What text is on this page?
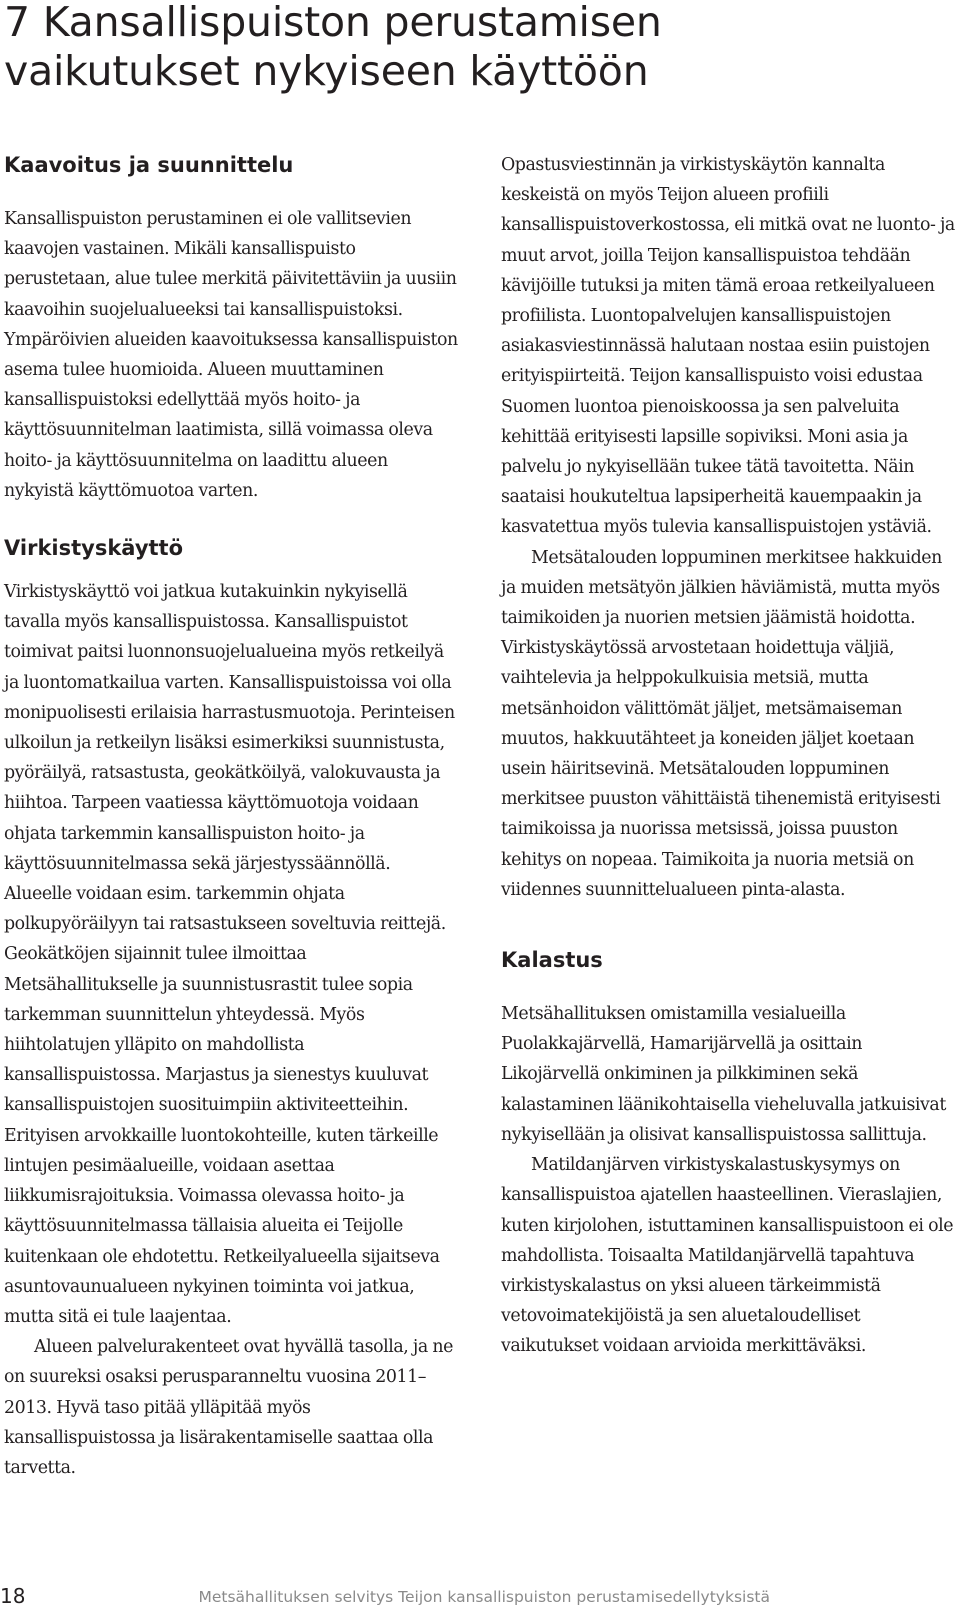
7 Kansallispuiston perustamisen
vaikutukset nykyiseen käyttöön
Kaavoitus ja suunnittelu

Kansallispuiston perustaminen ei ole vallitsevien kaavojen vastainen. Mikäli kansallispuisto perustetaan, alue tulee merkitä päivitettäviin ja uusiin kaavoihin suojelualueeksi tai kansallispuistoksi. Ympäröivien alueiden kaavoituksessa kansallispuiston asema tulee huomioida. Alueen muuttaminen kansallispuistoksi edellyttää myös hoito- ja käyttösuunnitelman laatimista, sillä voimassa oleva hoito- ja käyttösuunnitelma on laadittu alueen nykyistä käyttömuotoa varten.

Virkistyskäyttö

Virkistyskäyttö voi jatkua kutakuinkin nykyisellä tavalla myös kansallispuistossa. Kansallispuistot toimivat paitsi luonnonsuojelualueina myös retkeilyä ja luontomatkailua varten. Kansallispuistoissa voi olla monipuolisesti erilaisia harrastusmuotoja. Perinteisen ulkoilun ja retkeilyn lisäksi esimerkiksi suunnistusta, pyöräilyä, ratsastusta, geokätköilyä, valokuvausta ja hiihtoa. Tarpeen vaatiessa käyttömuotoja voidaan ohjata tarkemmin kansallispuiston hoito- ja käyttösuunnitelmassa sekä järjestyssäännöllä. Alueelle voidaan esim. tarkemmin ohjata polkupyöräilyyn tai ratsastukseen soveltuvia reittejä. Geokätköjen sijainnit tulee ilmoittaa Metsähallitukselle ja suunnistusrastit tulee sopia tarkemman suunnittelun yhteydessä. Myös hiihtolatujen ylläpito on mahdollista kansallispuistossa. Marjastus ja sienestys kuuluvat kansallispuistojen suosituimpiin aktiviteetteihin. Erityisen arvokkaille luontokohteille, kuten tärkeille lintujen pesimäalueille, voidaan asettaa liikkumisrajoituksia. Voimassa olevassa hoito- ja käyttösuunnitelmassa tällaisia alueita ei Teijolle kuitenkaan ole ehdotettu. Retkeilyalueella sijaitseva asuntovaunualueen nykyinen toiminta voi jatkua, mutta sitä ei tule laajentaa.

Alueen palvelurakenteet ovat hyvällä tasolla, ja ne on suureksi osaksi perusparanneltu vuosina 2011–2013. Hyvä taso pitää ylläpitää myös kansallispuistossa ja lisärakentamiselle saattaa olla tarvetta.

Opastusviestinnän ja virkistyskäytön kannalta keskeistä on myös Teijon alueen profiili kansallispuistoverkostossa, eli mitkä ovat ne luonto- ja muut arvot, joilla Teijon kansallispuistoa tehdään kävijöille tutuksi ja miten tämä eroaa retkeilyalueen profiilista. Luontopalvelujen kansallispuistojen asiakasviestinnässä halutaan nostaa esiin puistojen erityispiirteitä. Teijon kansallispuisto voisi edustaa Suomen luontoa pienoiskoossa ja sen palveluita kehittää erityisesti lapsille sopiviksi. Moni asia ja palvelu jo nykyisellään tukee tätä tavoitetta. Näin saataisi houkuteltua lapsiperheitä kauempaakin ja kasvatettua myös tulevia kansallispuistojen ystäviä.

Metsätalouden loppuminen merkitsee hakkuiden ja muiden metsätyön jälkien häviämistä, mutta myös taimikoiden ja nuorien metsien jäämistä hoidotta. Virkistyskäytössä arvostetaan hoidettuja väljiä, vaihtelevia ja helppokulkuisia metsiä, mutta metsänhoidon välittömät jäljet, metsämaiseman muutos, hakkuutähteet ja koneiden jäljet koetaan usein häiritsevinä. Metsätalouden loppuminen merkitsee puuston vähittäistä tihenemistä erityisesti taimikoissa ja nuorissa metsissä, joissa puuston kehitys on nopeaa. Taimikoita ja nuoria metsiä on viidennes suunnittelualueen pinta-alasta.

Kalastus

Metsähallituksen omistamilla vesialueilla Puolakkajärvellä, Hamarijärvellä ja osittain Likojärvellä onkiminen ja pilkkiminen sekä kalastaminen läänikohtaisella vieheluvalla jatkuisivat nykyisellään ja olisivat kansallispuistossa sallittuja.

Matildanjärven virkistyskalastuskysymys on kansallispuistoa ajatellen haasteellinen. Vieraslajien, kuten kirjolohen, istuttaminen kansallispuistoon ei ole mahdollista. Toisaalta Matildanjärvellä tapahtuva virkistyskalastus on yksi alueen tärkeimmistä vetovoimatekijöistä ja sen aluetaloudelliset vaikutukset voidaan arvioida merkittäväksi.

18	Metsähallituksen selvitys Teijon kansallispuiston perustamisedellytyksistä
